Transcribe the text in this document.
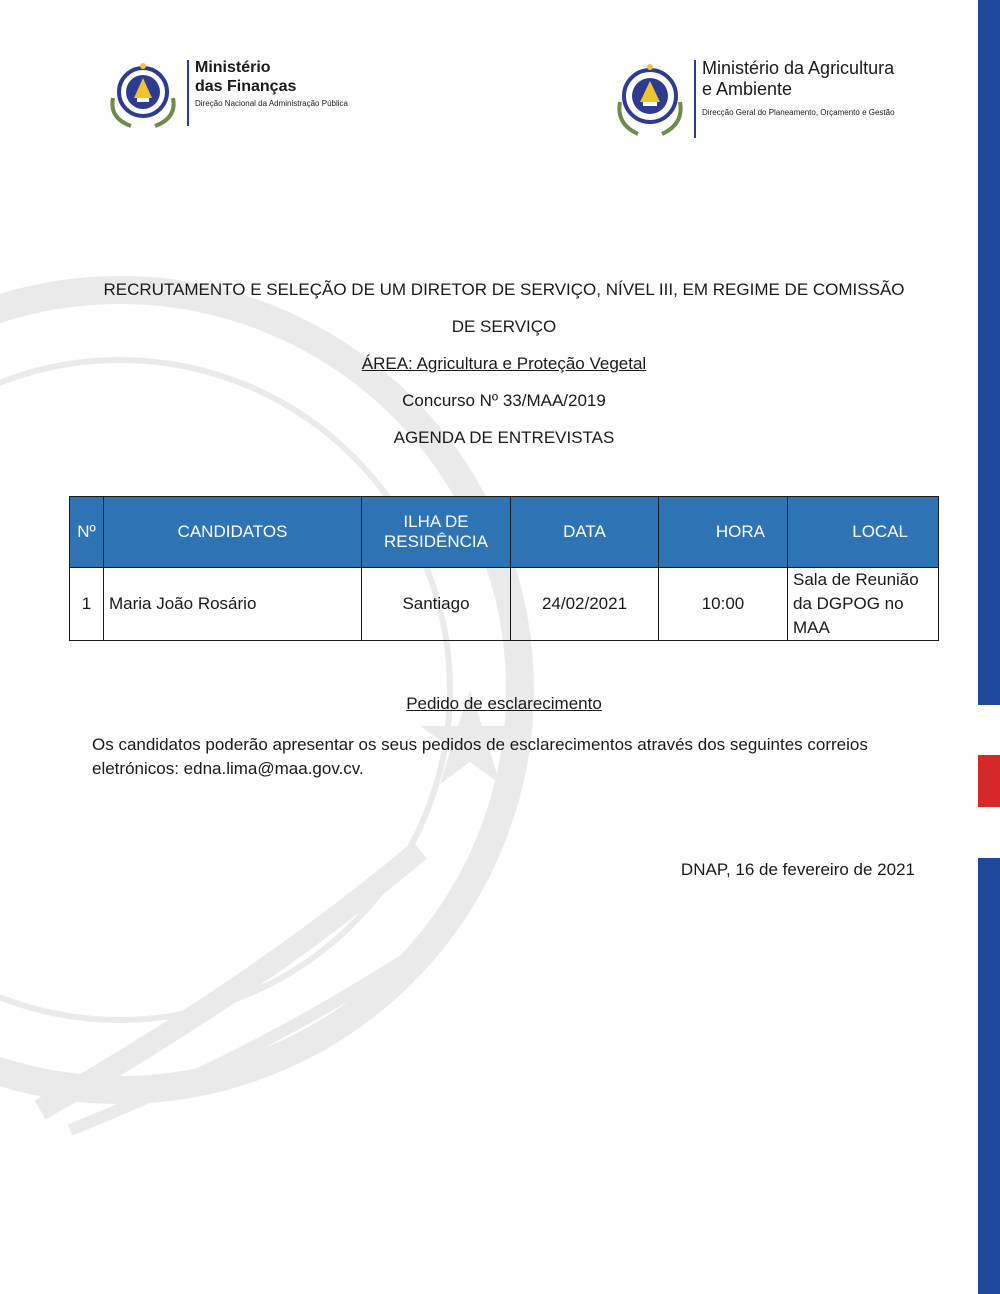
Ministério
das Finanças
Direção Nacional da Administração Pública
Ministério da Agricultura
e Ambiente
Direcção Geral do Planeamento, Orçamento e Gestão
RECRUTAMENTO E SELEÇÃO DE UM DIRETOR DE SERVIÇO, NÍVEL III, EM REGIME DE COMISSÃO
DE SERVIÇO
ÁREA: Agricultura e Proteção Vegetal
Concurso Nº 33/MAA/2019
AGENDA DE ENTREVISTAS
Nº	CANDIDATOS	ILHA DE RESIDÊNCIA	DATA	HORA	LOCAL
1	Maria João Rosário	Santiago	24/02/2021	10:00	Sala de Reunião da DGPOG no MAA
Pedido de esclarecimento
Os candidatos poderão apresentar os seus pedidos de esclarecimentos através dos seguintes correios eletrónicos: edna.lima@maa.gov.cv.
DNAP, 16 de fevereiro de 2021
